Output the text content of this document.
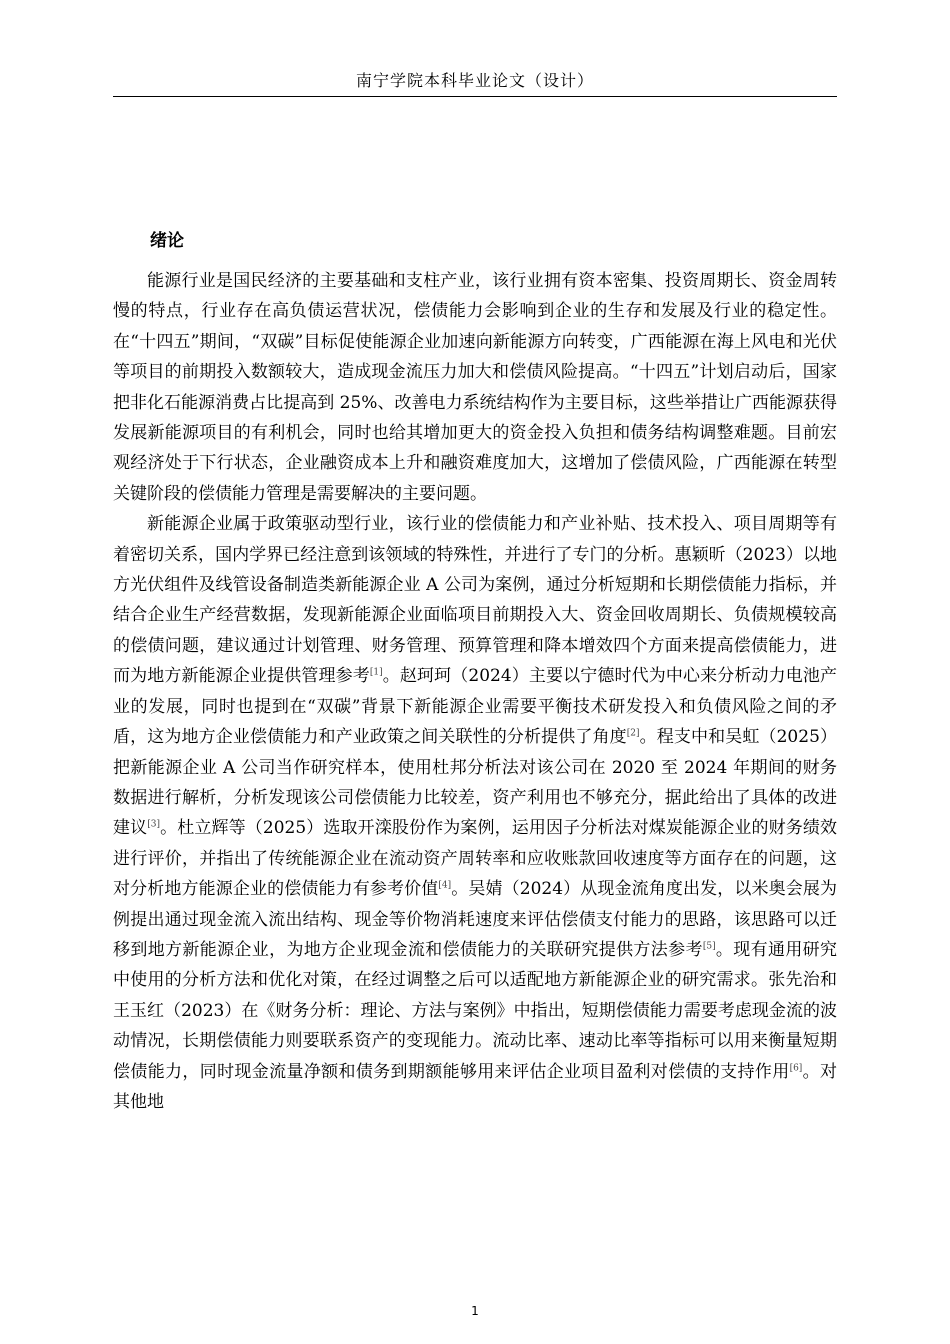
南宁学院本科毕业论文（设计）
绪论

能源行业是国民经济的主要基础和支柱产业，该行业拥有资本密集、投资周期长、资金周转慢的特点，行业存在高负债运营状况，偿债能力会影响到企业的生存和发展及行业的稳定性。在“十四五”期间，“双碳”目标促使能源企业加速向新能源方向转变，广西能源在海上风电和光伏等项目的前期投入数额较大，造成现金流压力加大和偿债风险提高。“十四五”计划启动后，国家把非化石能源消费占比提高到 25%、改善电力系统结构作为主要目标，这些举措让广西能源获得发展新能源项目的有利机会，同时也给其增加更大的资金投入负担和债务结构调整难题。目前宏观经济处于下行状态，企业融资成本上升和融资难度加大，这增加了偿债风险，广西能源在转型关键阶段的偿债能力管理是需要解决的主要问题。

新能源企业属于政策驱动型行业，该行业的偿债能力和产业补贴、技术投入、项目周期等有着密切关系，国内学界已经注意到该领域的特殊性，并进行了专门的分析。惠颖昕（2023）以地方光伏组件及线管设备制造类新能源企业 A 公司为案例，通过分析短期和长期偿债能力指标，并结合企业生产经营数据，发现新能源企业面临项目前期投入大、资金回收周期长、负债规模较高的偿债问题，建议通过计划管理、财务管理、预算管理和降本增效四个方面来提高偿债能力，进而为地方新能源企业提供管理参考[1]。赵珂珂（2024）主要以宁德时代为中心来分析动力电池产业的发展，同时也提到在“双碳”背景下新能源企业需要平衡技术研发投入和负债风险之间的矛盾，这为地方企业偿债能力和产业政策之间关联性的分析提供了角度[2]。程支中和吴虹（2025）把新能源企业 A 公司当作研究样本，使用杜邦分析法对该公司在 2020 至 2024 年期间的财务数据进行解析，分析发现该公司偿债能力比较差，资产利用也不够充分，据此给出了具体的改进建议[3]。杜立辉等（2025）选取开滦股份作为案例，运用因子分析法对煤炭能源企业的财务绩效进行评价，并指出了传统能源企业在流动资产周转率和应收账款回收速度等方面存在的问题，这对分析地方能源企业的偿债能力有参考价值[4]。吴婧（2024）从现金流角度出发，以米奥会展为例提出通过现金流入流出结构、现金等价物消耗速度来评估偿债支付能力的思路，该思路可以迁移到地方新能源企业，为地方企业现金流和偿债能力的关联研究提供方法参考[5]。现有通用研究中使用的分析方法和优化对策，在经过调整之后可以适配地方新能源企业的研究需求。张先治和王玉红（2023）在《财务分析：理论、方法与案例》中指出，短期偿债能力需要考虑现金流的波动情况，长期偿债能力则要联系资产的变现能力。流动比率、速动比率等指标可以用来衡量短期偿债能力，同时现金流量净额和债务到期额能够用来评估企业项目盈利对偿债的支持作用[6]。对其他地

1
